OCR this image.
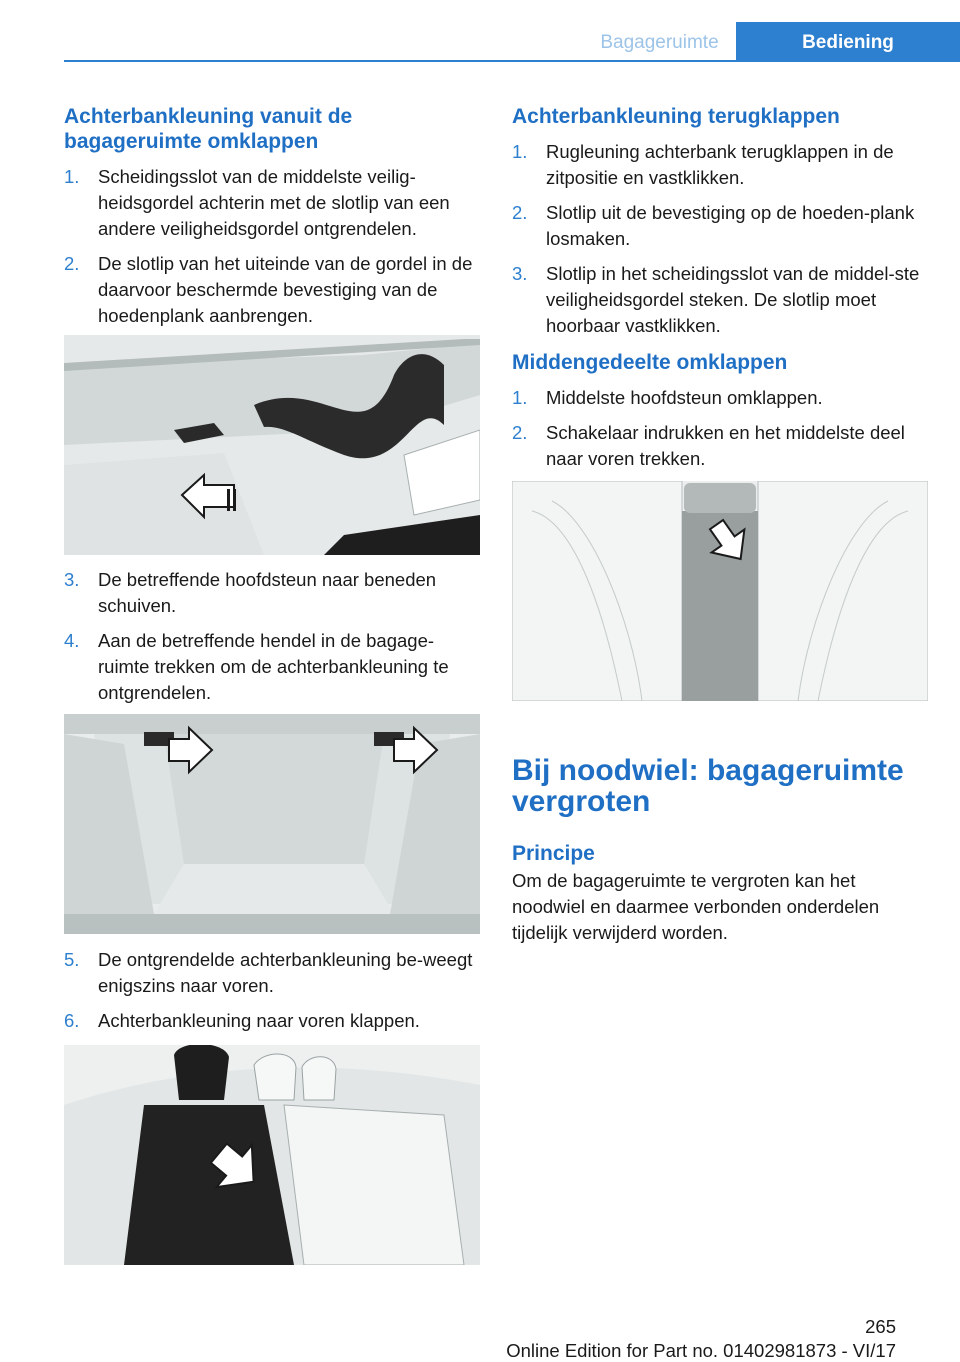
Bagageruimte	Bediening
Achterbankleuning vanuit de bagageruimte omklappen
1. Scheidingsslot van de middelste veilig‐heidsgordel achterin met de slotlip van een andere veiligheidsgordel ontgrendelen.
2. De slotlip van het uiteinde van de gordel in de daarvoor beschermde bevestiging van de hoedenplank aanbrengen.
3. De betreffende hoofdsteun naar beneden schuiven.
4. Aan de betreffende hendel in de bagage‐ruimte trekken om de achterbankleuning te ontgrendelen.
5. De ontgrendelde achterbankleuning be‐weegt enigszins naar voren.
6. Achterbankleuning naar voren klappen.
Achterbankleuning terugklappen
1. Rugleuning achterbank terugklappen in de zitpositie en vastklikken.
2. Slotlip uit de bevestiging op de hoeden‐plank losmaken.
3. Slotlip in het scheidingsslot van de middel‐ste veiligheidsgordel steken. De slotlip moet hoorbaar vastklikken.
Middengedeelte omklappen
1. Middelste hoofdsteun omklappen.
2. Schakelaar indrukken en het middelste deel naar voren trekken.
Bij noodwiel: bagageruimte vergroten
Principe

Om de bagageruimte te vergroten kan het noodwiel en daarmee verbonden onderdelen tijdelijk verwijderd worden.

265
Online Edition for Part no. 01402981873 - VI/17
